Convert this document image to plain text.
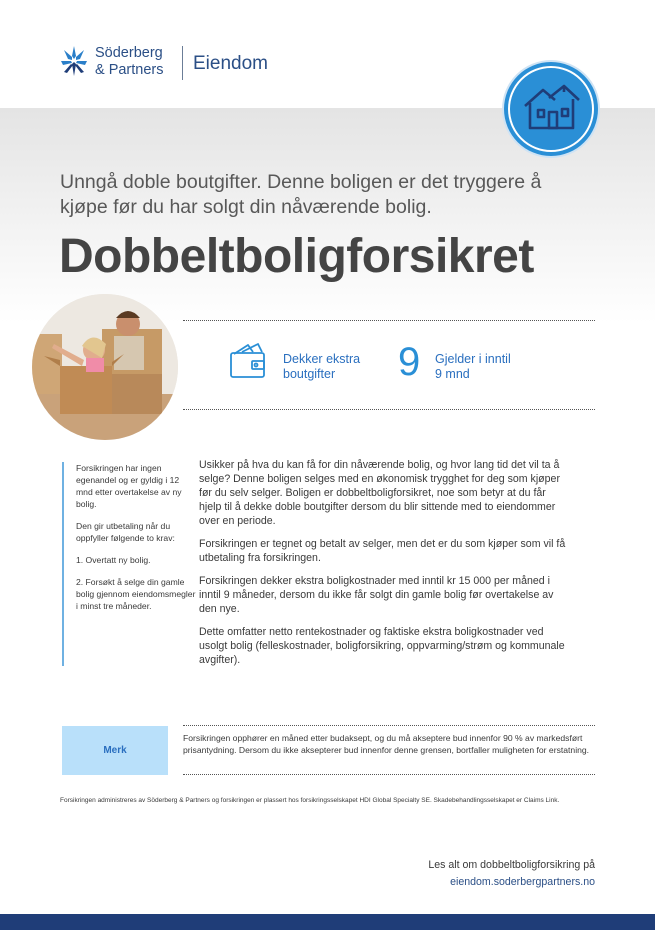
Söderberg
& Partners	Eiendom
Unngå doble boutgifter. Denne boligen er det tryggere å kjøpe før du har solgt din nåværende bolig.
Dobbeltboligforsikret
Dekker ekstra boutgifter	9 Gjelder i inntil 9 mnd

Forsikringen har ingen egenandel og er gyldig i 12 mnd etter overtakelse av ny bolig.

Den gir utbetaling når du oppfyller følgende to krav:

1. Overtatt ny bolig.

2. Forsøkt å selge din gamle bolig gjennom eiendomsmegler i minst tre måneder.

Usikker på hva du kan få for din nåværende bolig, og hvor lang tid det vil ta å selge? Denne boligen selges med en økonomisk trygghet for deg som kjøper før du selv selger. Boligen er dobbeltboligforsikret, noe som betyr at du får hjelp til å dekke doble boutgifter dersom du blir sittende med to eiendommer over en periode.

Forsikringen er tegnet og betalt av selger, men det er du som kjøper som vil få utbetaling fra forsikringen.

Forsikringen dekker ekstra boligkostnader med inntil kr 15 000 per måned i inntil 9 måneder, dersom du ikke får solgt din gamle bolig før overtakelse av den nye.

Dette omfatter netto rentekostnader og faktiske ekstra boligkostnader ved usolgt bolig (felleskostnader, boligforsikring, oppvarming/strøm og kommunale avgifter).

Merk
Forsikringen opphører en måned etter budaksept, og du må akseptere bud innenfor 90 % av markedsført prisantydning. Dersom du ikke aksepterer bud innenfor denne grensen, bortfaller muligheten for erstatning.
Forsikringen administreres av Söderberg & Partners og forsikringen er plassert hos forsikringsselskapet HDI Global Specialty SE. Skadebehandlingsselskapet er Claims Link.
Les alt om dobbeltboligforsikring på
eiendom.soderbergpartners.no
